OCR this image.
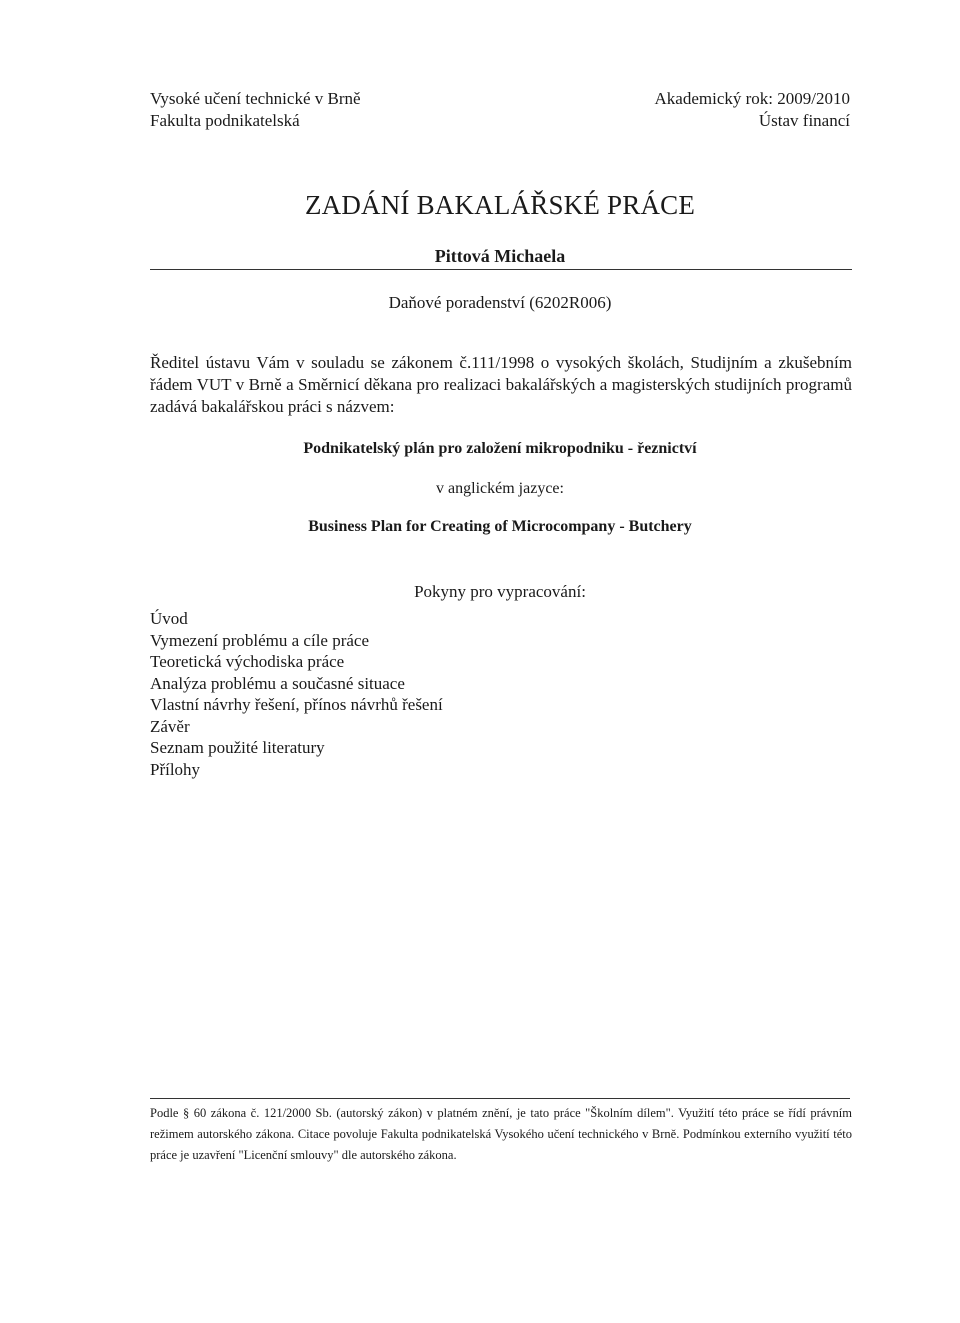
Vysoké učení technické v Brně
Fakulta podnikatelská
Akademický rok: 2009/2010
Ústav financí
ZADÁNÍ BAKALÁŘSKÉ PRÁCE
Pittová Michaela
Daňové poradenství (6202R006)
Ředitel ústavu Vám v souladu se zákonem č.111/1998 o vysokých školách, Studijním a zkušebním řádem VUT v Brně a Směrnicí děkana pro realizaci bakalářských a magisterských studijních programů zadává bakalářskou práci s názvem:
Podnikatelský plán pro založení mikropodniku - řeznictví
v anglickém jazyce:
Business Plan for Creating of Microcompany - Butchery
Pokyny pro vypracování:
Úvod
Vymezení problému a cíle práce
Teoretická východiska práce
Analýza problému a současné situace
Vlastní návrhy řešení, přínos návrhů řešení
Závěr
Seznam použité literatury
Přílohy
Podle § 60 zákona č. 121/2000 Sb. (autorský zákon) v platném znění, je tato práce "Školním dílem". Využití této práce se řídí právním režimem autorského zákona. Citace povoluje Fakulta podnikatelská Vysokého učení technického v Brně. Podmínkou externího využití této práce je uzavření "Licenční smlouvy" dle autorského zákona.
